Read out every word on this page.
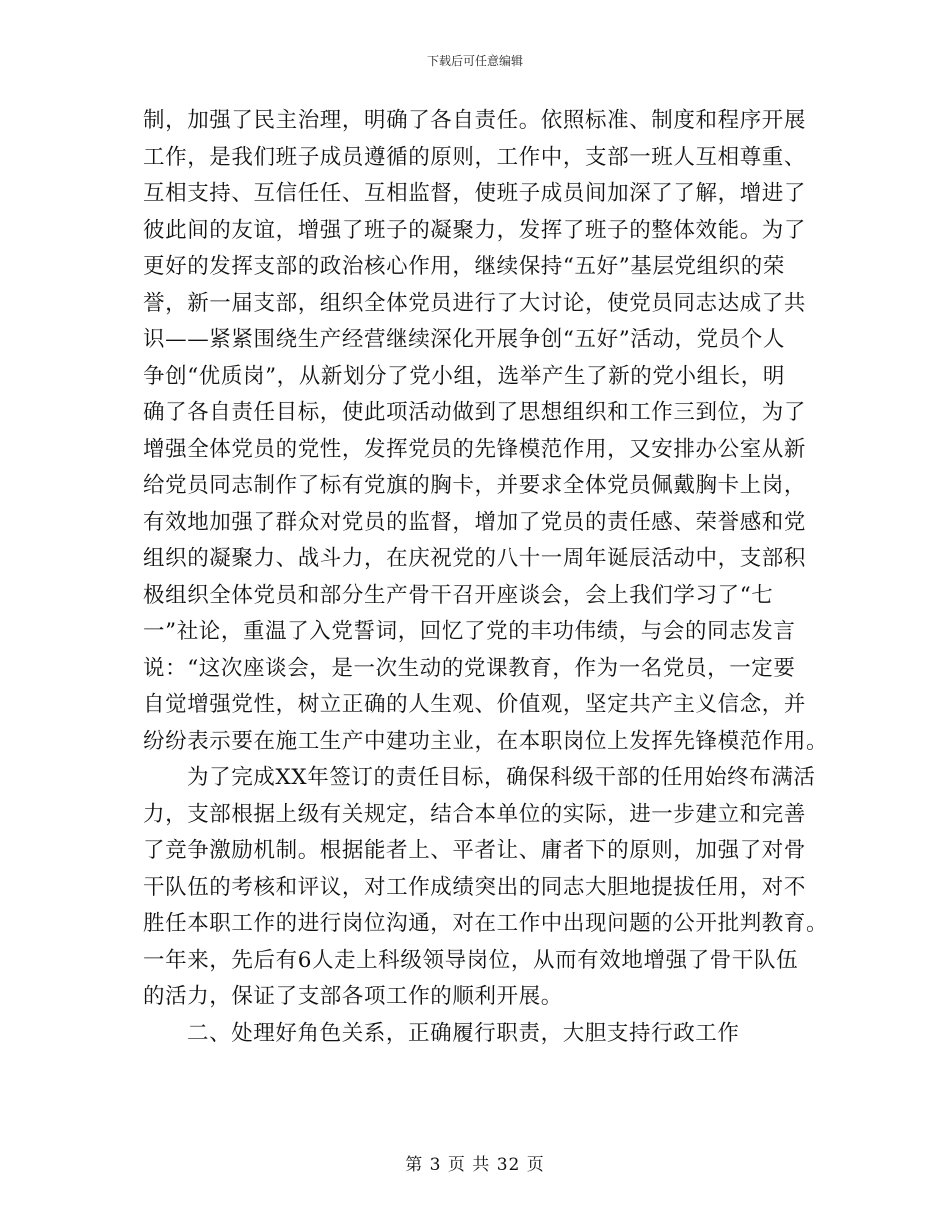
下载后可任意编辑
制，加强了民主治理，明确了各自责任。依照标准、制度和程序开展
工作，是我们班子成员遵循的原则，工作中，支部一班人互相尊重、
互相支持、互信任任、互相监督，使班子成员间加深了了解，增进了
彼此间的友谊，增强了班子的凝聚力，发挥了班子的整体效能。为了
更好的发挥支部的政治核心作用，继续保持“五好”基层党组织的荣
誉，新一届支部，组织全体党员进行了大讨论，使党员同志达成了共
识——紧紧围绕生产经营继续深化开展争创“五好”活动，党员个人
争创“优质岗”，从新划分了党小组，选举产生了新的党小组长，明
确了各自责任目标，使此项活动做到了思想组织和工作三到位，为了
增强全体党员的党性，发挥党员的先锋模范作用，又安排办公室从新
给党员同志制作了标有党旗的胸卡，并要求全体党员佩戴胸卡上岗，
有效地加强了群众对党员的监督，增加了党员的责任感、荣誉感和党
组织的凝聚力、战斗力，在庆祝党的八十一周年诞辰活动中，支部积
极组织全体党员和部分生产骨干召开座谈会，会上我们学习了“七
一”社论，重温了入党誓词，回忆了党的丰功伟绩，与会的同志发言
说：“这次座谈会，是一次生动的党课教育，作为一名党员，一定要
自觉增强党性，树立正确的人生观、价值观，坚定共产主义信念，并
纷纷表示要在施工生产中建功主业，在本职岗位上发挥先锋模范作用。
为了完成XX年签订的责任目标，确保科级干部的任用始终布满活
力，支部根据上级有关规定，结合本单位的实际，进一步建立和完善
了竞争激励机制。根据能者上、平者让、庸者下的原则，加强了对骨
干队伍的考核和评议，对工作成绩突出的同志大胆地提拔任用，对不
胜任本职工作的进行岗位沟通，对在工作中出现问题的公开批判教育。
一年来，先后有6人走上科级领导岗位，从而有效地增强了骨干队伍
的活力，保证了支部各项工作的顺利开展。
二、处理好角色关系，正确履行职责，大胆支持行政工作
第 3 页 共 32 页
